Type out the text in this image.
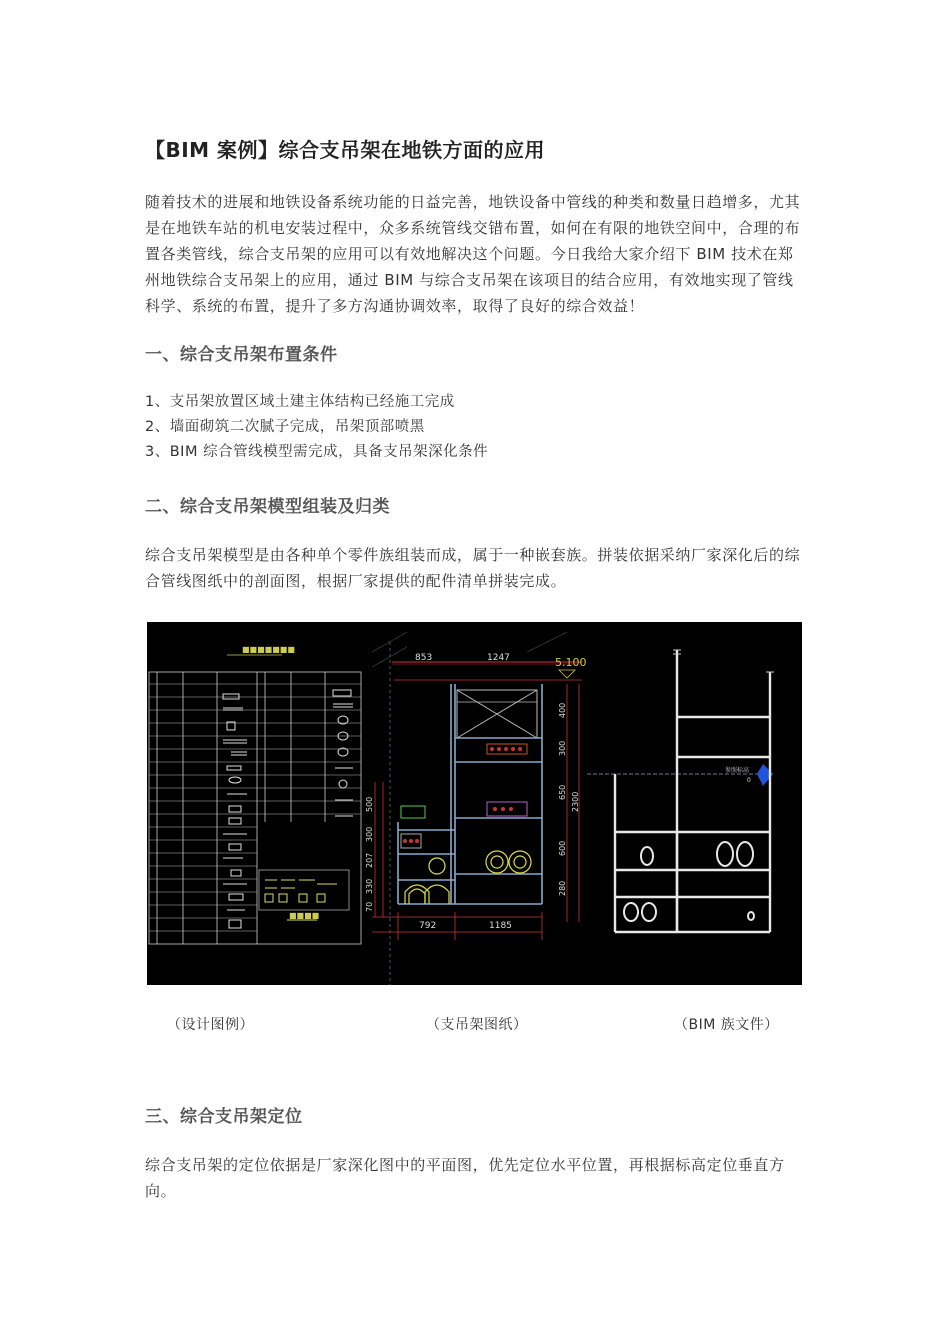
【BIM 案例】综合支吊架在地铁方面的应用

随着技术的进展和地铁设备系统功能的日益完善，地铁设备中管线的种类和数量日趋增多，尤其是在地铁车站的机电安装过程中，众多系统管线交错布置，如何在有限的地铁空间中，合理的布置各类管线，综合支吊架的应用可以有效地解决这个问题。今日我给大家介绍下 BIM 技术在郑州地铁综合支吊架上的应用，通过 BIM 与综合支吊架在该项目的结合应用，有效地实现了管线科学、系统的布置，提升了多方沟通协调效率，取得了良好的综合效益！

一、综合支吊架布置条件
1、支吊架放置区域土建主体结构已经施工完成
2、墙面砌筑二次腻子完成，吊架顶部喷黑
3、BIM 综合管线模型需完成，具备支吊架深化条件
二、综合支吊架模型组装及归类

综合支吊架模型是由各种单个零件族组装而成，属于一种嵌套族。拼装依据采纳厂家深化后的综合管线图纸中的剖面图，根据厂家提供的配件清单拼装完成。

■■■■■■■
■■■■
853	1247	5.100
400
300
650
600
280
2300
500
300
207
330
70
792	1185
参照标高
0
（设计图例）	（支吊架图纸）	（BIM 族文件）
三、综合支吊架定位

综合支吊架的定位依据是厂家深化图中的平面图，优先定位水平位置，再根据标高定位垂直方向。
